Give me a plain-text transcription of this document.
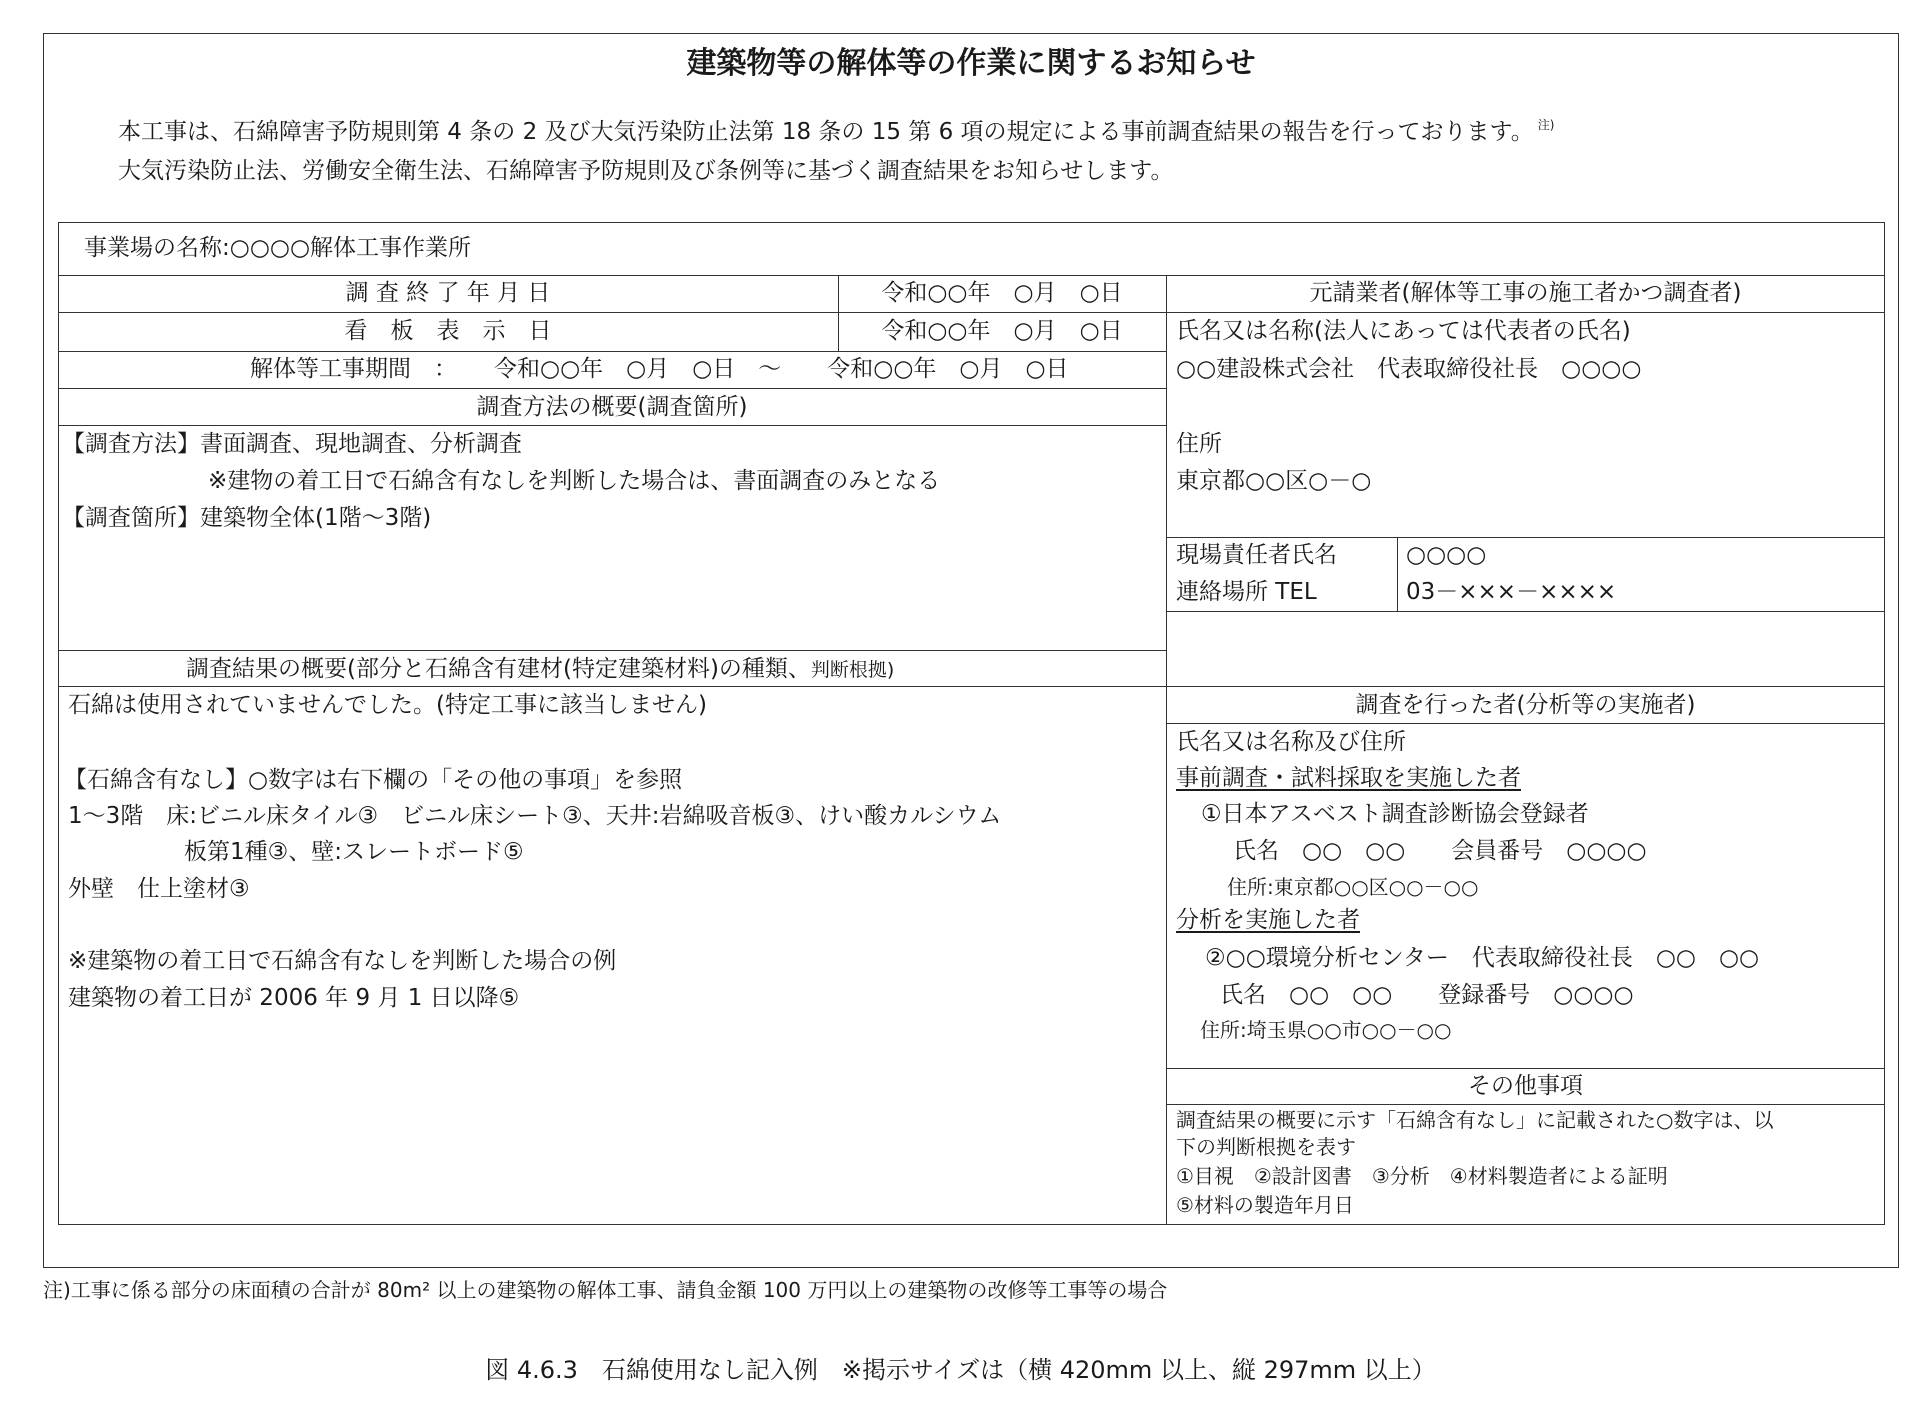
建築物等の解体等の作業に関するお知らせ
本工事は、石綿障害予防規則第 4 条の 2 及び大気汚染防止法第 18 条の 15 第 6 項の規定による事前調査結果の報告を行っております。 $^{注)}$
大気汚染防止法、労働安全衛生法、石綿障害予防規則及び条例等に基づく調査結果をお知らせします。
事業場の名称:○○○○解体工事作業所
調 査 終 了 年 月 日	令和○○年　○月　○日
看　板　表　示　日	令和○○年　○月　○日
解体等工事期間　： 令和○○年　○月　○日　～　　令和○○年　○月　○日
調査方法の概要(調査箇所)
【調査方法】書面調査、現地調査、分析調査
※建物の着工日で石綿含有なしを判断した場合は、書面調査のみとなる
【調査箇所】建築物全体(1階～3階)
調査結果の概要(部分と石綿含有建材(特定建築材料)の種類、判断根拠)
石綿は使用されていませんでした。(特定工事に該当しません)
【石綿含有なし】○数字は右下欄の「その他の事項」を参照
1～3階　床:ビニル床タイル③　ビニル床シート③、天井:岩綿吸音板③、けい酸カルシウム
板第1種③、壁:スレートボード⑤
外壁　仕上塗材③
※建築物の着工日で石綿含有なしを判断した場合の例
建築物の着工日が 2006 年 9 月 1 日以降⑤
元請業者(解体等工事の施工者かつ調査者)
氏名又は名称(法人にあっては代表者の氏名)
○○建設株式会社　代表取締役社長　○○○○
住所
東京都○○区○－○
現場責任者氏名	○○○○
連絡場所 TEL	03－×××－××××
調査を行った者(分析等の実施者)
氏名又は名称及び住所
事前調査・試料採取を実施した者
①日本アスベスト調査診断協会登録者
氏名　○○　○○　　会員番号　○○○○
住所:東京都○○区○○－○○
分析を実施した者
②○○環境分析センター　代表取締役社長　○○　○○
氏名　○○　○○　　登録番号　○○○○
住所:埼玉県○○市○○－○○
その他事項
調査結果の概要に示す「石綿含有なし」に記載された○数字は、以
下の判断根拠を表す
①目視　②設計図書　③分析　④材料製造者による証明
⑤材料の製造年月日
注)工事に係る部分の床面積の合計が 80m² 以上の建築物の解体工事、請負金額 100 万円以上の建築物の改修等工事等の場合
図 4.6.3　石綿使用なし記入例　※掲示サイズは（横 420mm 以上、縦 297mm 以上）
